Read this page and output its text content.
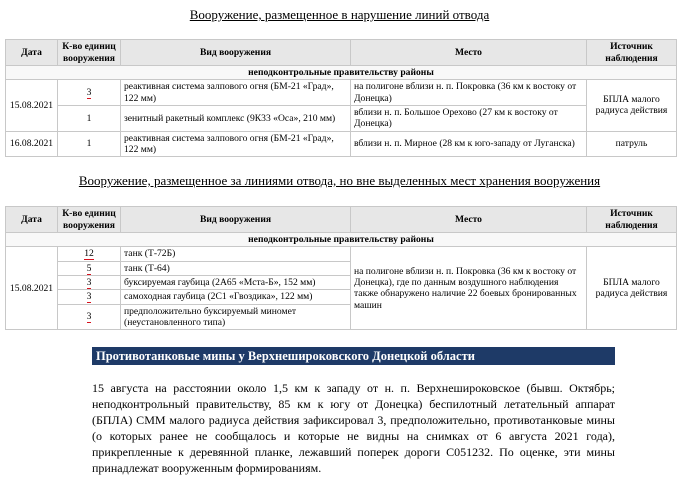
Вооружение, размещенное в нарушение линий отвода
Дата	К-во единиц вооружения	Вид вооружения	Место	Источник наблюдения
неподконтрольные правительству районы				
15.08.2021	3	реактивная система залпового огня (БМ-21 «Град», 122 мм)	на полигоне вблизи н. п. Покровка (36 км к востоку от Донецка)	БПЛА малого радиуса действия
	1	зенитный ракетный комплекс (9К33 «Оса», 210 мм)	вблизи н. п. Большое Орехово (27 км к востоку от Донецка)	
16.08.2021	1	реактивная система залпового огня (БМ-21 «Град», 122 мм)	вблизи н. п. Мирное (28 км к юго-западу от Луганска)	патруль
Вооружение, размещенное за линиями отвода, но вне выделенных мест хранения вооружения
Дата	К-во единиц вооружения	Вид вооружения	Место	Источник наблюдения
неподконтрольные правительству районы				
15.08.2021	12	танк (Т-72Б)	на полигоне вблизи н. п. Покровка (36 км к востоку от Донецка), где по данным воздушного наблюдения также обнаружено наличие 22 боевых бронированных машин	БПЛА малого радиуса действия
	5	танк (Т-64)		
	3	буксируемая гаубица (2А65 «Мста-Б», 152 мм)		
	3	самоходная гаубица (2С1 «Гвоздика», 122 мм)		
	3	предположительно буксируемый миномет (неустановленного типа)		
Противотанковые мины у Верхнешироковского Донецкой области
15 августа на расстоянии около 1,5 км к западу от н. п. Верхнешироковское (бывш. Октябрь; неподконтрольный правительству, 85 км к югу от Донецка) беспилотный летательный аппарат (БПЛА) СММ малого радиуса действия зафиксировал 3, предположительно, противотанковые мины (о которых ранее не сообщалось и которые не видны на снимках от 6 августа 2021 года), прикрепленные к деревянной планке, лежавший поперек дороги C051232. По оценке, эти мины принадлежат вооруженным формированиям.
